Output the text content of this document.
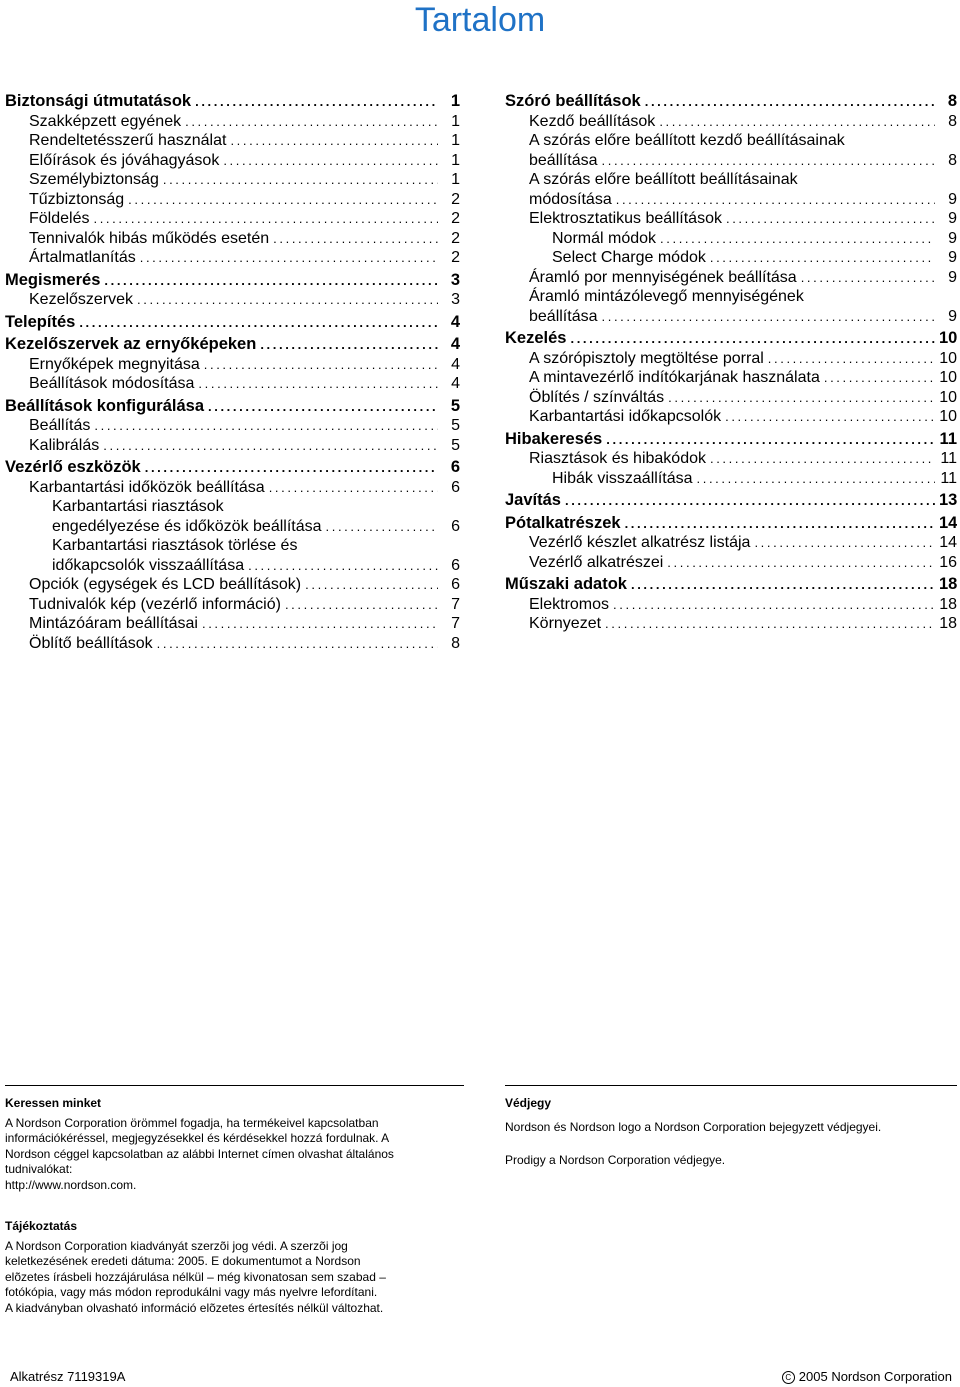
Tartalom
Biztonsági útmutatások . . .	1
Szakképzett egyének . . .	1
Rendeltetésszerű használat . . .	1
Előírások és jóváhagyások . . .	1
Személybiztonság . . .	1
Tűzbiztonság . . .	2
Földelés . . .	2
Tennivalók hibás működés esetén . . .	2
Ártalmatlanítás . . .	2
Megismerés . . .	3
Kezelőszervek . . .	3
Telepítés . . .	4
Kezelőszervek az ernyőképeken . . .	4
Ernyőképek megnyitása . . .	4
Beállítások módosítása . . .	4
Beállítások konfigurálása . . .	5
Beállítás . . .	5
Kalibrálás . . .	5
Vezérlő eszközök . . .	6
Karbantartási időközök beállítása . . .	6
Karbantartási riasztások
engedélyezése és időközök beállítása . . .	6
Karbantartási riasztások törlése és
időkapcsolók visszaállítása . . .	6
Opciók (egységek és LCD beállítások) . . .	6
Tudnivalók kép (vezérlő információ) . . .	7
Mintázóáram beállításai . . .	7
Öblítő beállítások . . .	8
Szóró beállítások . . .	8
Kezdő beállítások . . .	8
A szórás előre beállított kezdő beállításainak
beállítása . . .	8
A szórás előre beállított beállításainak
módosítása . . .	9
Elektrosztatikus beállítások . . .	9
Normál módok . . .	9
Select Charge módok . . .	9
Áramló por mennyiségének beállítása . . .	9
Áramló mintázólevegő mennyiségének
beállítása . . .	9
Kezelés . . .	10
A szórópisztoly megtöltése porral . . .	10
A mintavezérlő indítókarjának használata . . .	10
Öblítés / színváltás . . .	10
Karbantartási időkapcsolók . . .	10
Hibakeresés . . .	11
Riasztások és hibakódok . . .	11
Hibák visszaállítása . . .	11
Javítás . . .	13
Pótalkatrészek . . .	14
Vezérlő készlet alkatrész listája . . .	14
Vezérlő alkatrészei . . .	16
Műszaki adatok . . .	18
Elektromos . . .	18
Környezet . . .	18
Keressen minket
A Nordson Corporation örömmel fogadja, ha termékeivel kapcsolatban
információkéréssel, megjegyzésekkel és kérdésekkel hozzá fordulnak. A
Nordson céggel kapcsolatban az alábbi Internet címen olvashat általános
tudnivalókat:
http://www.nordson.com.
Védjegy

Nordson és Nordson logo a Nordson Corporation bejegyzett védjegyei.

Prodigy a Nordson Corporation védjegye.

Tájékoztatás
A Nordson Corporation kiadványát szerzõi jog védi. A szerzõi jog
keletkezésének eredeti dátuma: 2005. E dokumentumot a Nordson
elõzetes írásbeli hozzájárulása nélkül – még kivonatosan sem szabad –
fotókópia, vagy más módon reprodukálni vagy más nyelvre lefordítani.
A kiadványban olvasható információ elõzetes értesítés nélkül változhat.
Alkatrész 7119319A	C 2005 Nordson Corporation
